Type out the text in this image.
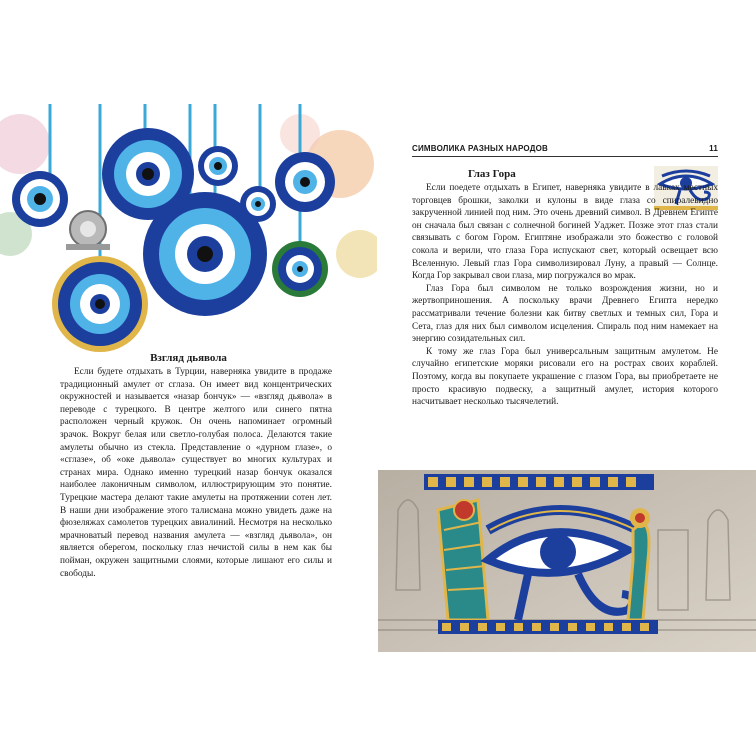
Взгляд дьявола

Если будете отдыхать в Турции, наверняка увидите в продаже традиционный амулет от сглаза. Он имеет вид концентрических окружностей и называется «назар бончук» — «взгляд дьявола» в переводе с турецкого. В центре желтого или синего пятна расположен черный кружок. Он очень напоминает огромный зрачок. Вокруг белая или светло-голубая полоса. Делаются такие амулеты обычно из стекла. Представление о «дурном глазе», о «сглазе», об «оке дьявола» существует во многих культурах и странах мира. Однако именно турецкий назар бончук оказался наиболее лаконичным символом, иллюстрирующим это понятие. Турецкие мастера делают такие амулеты на протяжении сотен лет. В наши дни изображение этого талисмана можно увидеть даже на фюзеляжах самолетов турецких авиалиний. Несмотря на несколько мрачноватый перевод названия амулета — «взгляд дьявола», он является оберегом, поскольку глаз нечистой силы в нем как бы пойман, окружен защитными слоями, которые лишают его силы и свободы.

СИМВОЛИКА РАЗНЫХ НАРОДОВ	11
Глаз Гора

Если поедете отдыхать в Египет, наверняка увидите в лавках местных торговцев брошки, заколки и кулоны в виде глаза со спиралевидно закрученной линией под ним. Это очень древний символ. В Древнем Египте он сначала был связан с солнечной богиней Уаджет. Позже этот глаз стали связывать с богом Гором. Египтяне изображали это божество с головой сокола и верили, что глаза Гора испускают свет, который освещает всю Вселенную. Левый глаз Гора символизировал Луну, а правый — Солнце. Когда Гор закрывал свои глаза, мир погружался во мрак.

Глаз Гора был символом не только возрождения жизни, но и жертвоприношения. А поскольку врачи Древнего Египта нередко рассматривали течение болезни как битву светлых и темных сил, Гора и Сета, глаз для них был символом исцеления. Спираль под ним намекает на энергию созидательных сил.

К тому же глаз Гора был универсальным защитным амулетом. Не случайно египетские моряки рисовали его на рострах своих кораблей. Поэтому, когда вы покупаете украшение с глазом Гора, вы приобретаете не просто красивую подвеску, а защитный амулет, история которого насчитывает несколько тысячелетий.
